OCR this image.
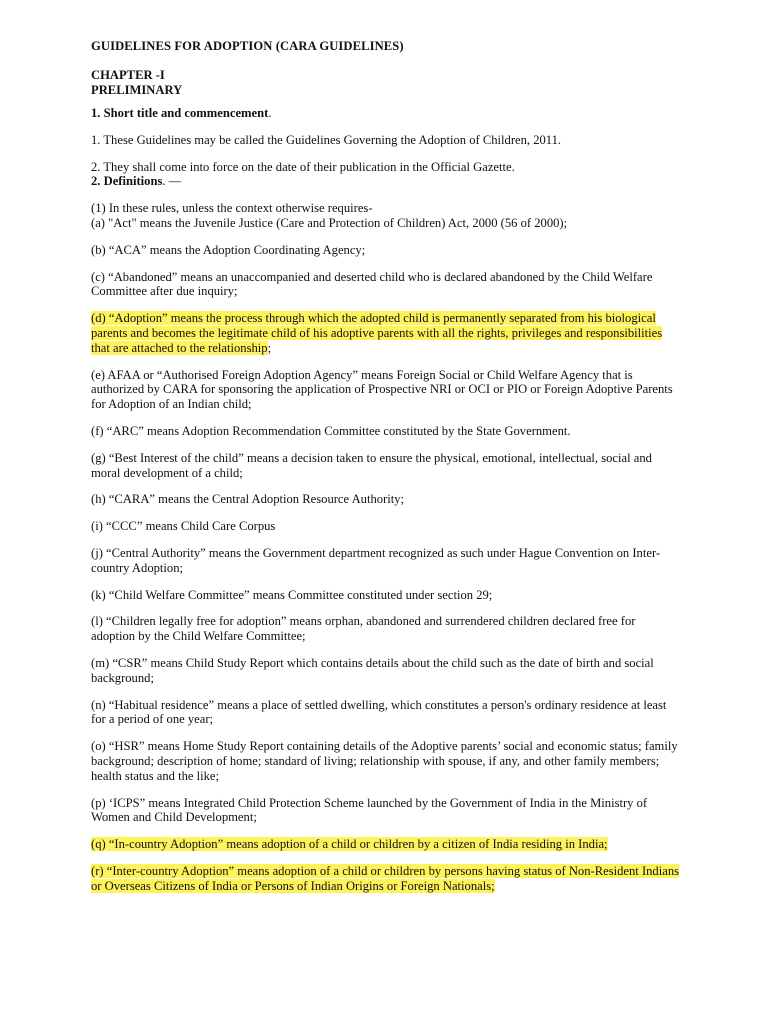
GUIDELINES FOR ADOPTION (CARA GUIDELINES)
CHAPTER -I
PRELIMINARY

1. Short title and commencement.

1. These Guidelines may be called the Guidelines Governing the Adoption of Children, 2011.

2. They shall come into force on the date of their publication in the Official Gazette.

2. Definitions. —

(1) In these rules, unless the context otherwise requires-

(a) "Act" means the Juvenile Justice (Care and Protection of Children) Act, 2000 (56 of 2000);

(b) “ACA” means the Adoption Coordinating Agency;

(c) “Abandoned” means an unaccompanied and deserted child who is declared abandoned by the Child Welfare Committee after due inquiry;

(d) “Adoption” means the process through which the adopted child is permanently separated from his biological parents and becomes the legitimate child of his adoptive parents with all the rights, privileges and responsibilities that are attached to the relationship;

(e) AFAA or “Authorised Foreign Adoption Agency” means Foreign Social or Child Welfare Agency that is authorized by CARA for sponsoring the application of Prospective NRI or OCI or PIO or Foreign Adoptive Parents for Adoption of an Indian child;

(f) “ARC” means Adoption Recommendation Committee constituted by the State Government.

(g) “Best Interest of the child” means a decision taken to ensure the physical, emotional, intellectual, social and moral development of a child;

(h) “CARA” means the Central Adoption Resource Authority;

(i) “CCC” means Child Care Corpus

(j) “Central Authority” means the Government department recognized as such under Hague Convention on Inter-country Adoption;

(k) “Child Welfare Committee” means Committee constituted under section 29;

(l) “Children legally free for adoption” means orphan, abandoned and surrendered children declared free for adoption by the Child Welfare Committee;

(m) “CSR” means Child Study Report which contains details about the child such as the date of birth and social background;

(n) “Habitual residence” means a place of settled dwelling, which constitutes a person's ordinary residence at least for a period of one year;

(o) “HSR” means Home Study Report containing details of the Adoptive parents’ social and economic status; family background; description of home; standard of living; relationship with spouse, if any, and other family members; health status and the like;

(p) ‘ICPS” means Integrated Child Protection Scheme launched by the Government of India in the Ministry of Women and Child Development;

(q) “In-country Adoption” means adoption of a child or children by a citizen of India residing in India;

(r) “Inter-country Adoption” means adoption of a child or children by persons having status of Non-Resident Indians or Overseas Citizens of India or Persons of Indian Origins or Foreign Nationals;
